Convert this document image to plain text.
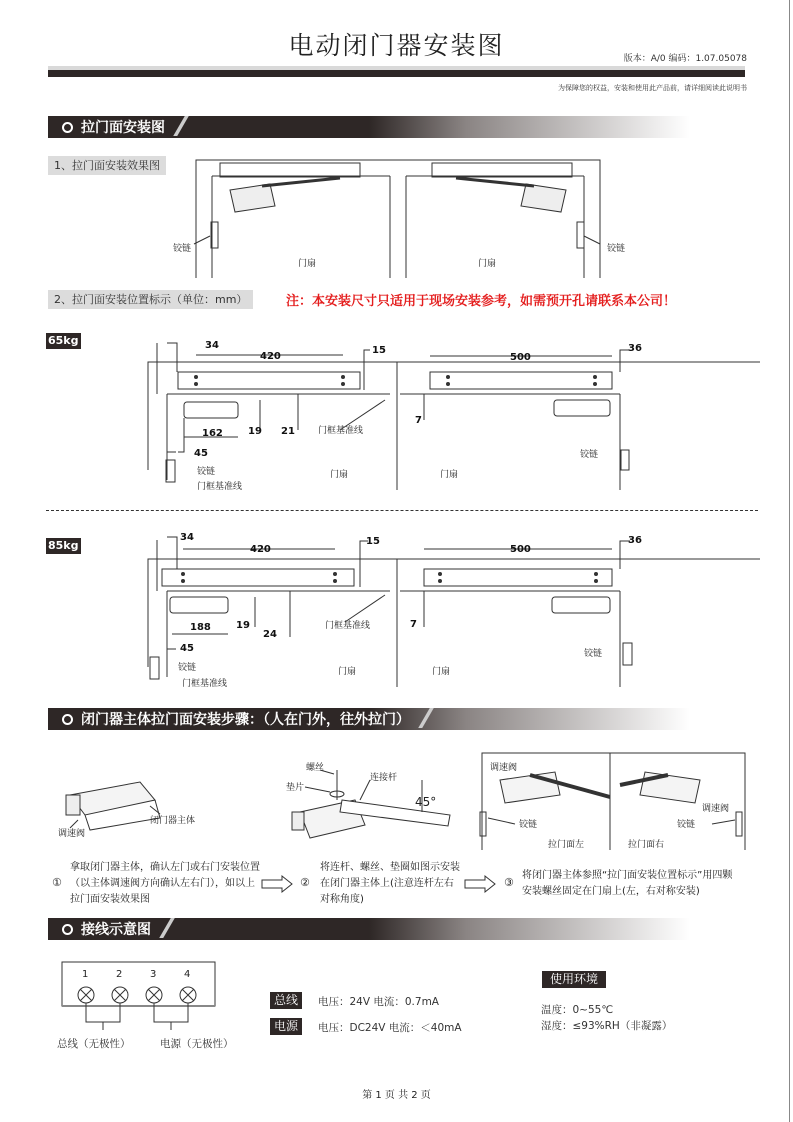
电动闭门器安装图	版本：A/0 编码：1.07.05078
为保障您的权益，安装和使用此产品前，请详细阅读此说明书
拉门面安装图
1、拉门面安装效果图
2、拉门面安装位置标示（单位：mm）	注：本安装尺寸只适用于现场安装参考，如需预开孔请联系本公司！
65kg
85kg
闭门器主体拉门面安装步骤：（人在门外，往外拉门）
接线示意图
铰链	铰链
门扇	门扇
34
420
15
162	19 21
45
500
36
7
门框基准线
铰链
门框基准线
门扇	门扇
铰链
34
420
15
188	19
24
45
500
36
7
门框基准线
铰链
门框基准线
门扇	门扇
铰链
调速阀
闭门器主体
螺丝
垫片
连接杆
45°
调速阀
铰链
拉门面左	拉门面右
铰链
调速阀
1	2	3	4
拿取闭门器主体，确认左门或右门安装位置（以主体调速阀方向确认左右门），如以上拉门面安装效果图
①
将连杆、螺丝、垫圈如图示安装在闭门器主体上(注意连杆左右对称角度)
②
将闭门器主体参照“拉门面安装位置标示”用四颗安装螺丝固定在门扇上(左，右对称安装)
③
总线（无极性）	电源（无极性）
总线	电压：24V 电流：0.7mA
电源	电压：DC24V 电流：＜40mA
使用环境
温度：0~55℃
湿度：≤93%RH（非凝露）
第 1 页 共 2 页
